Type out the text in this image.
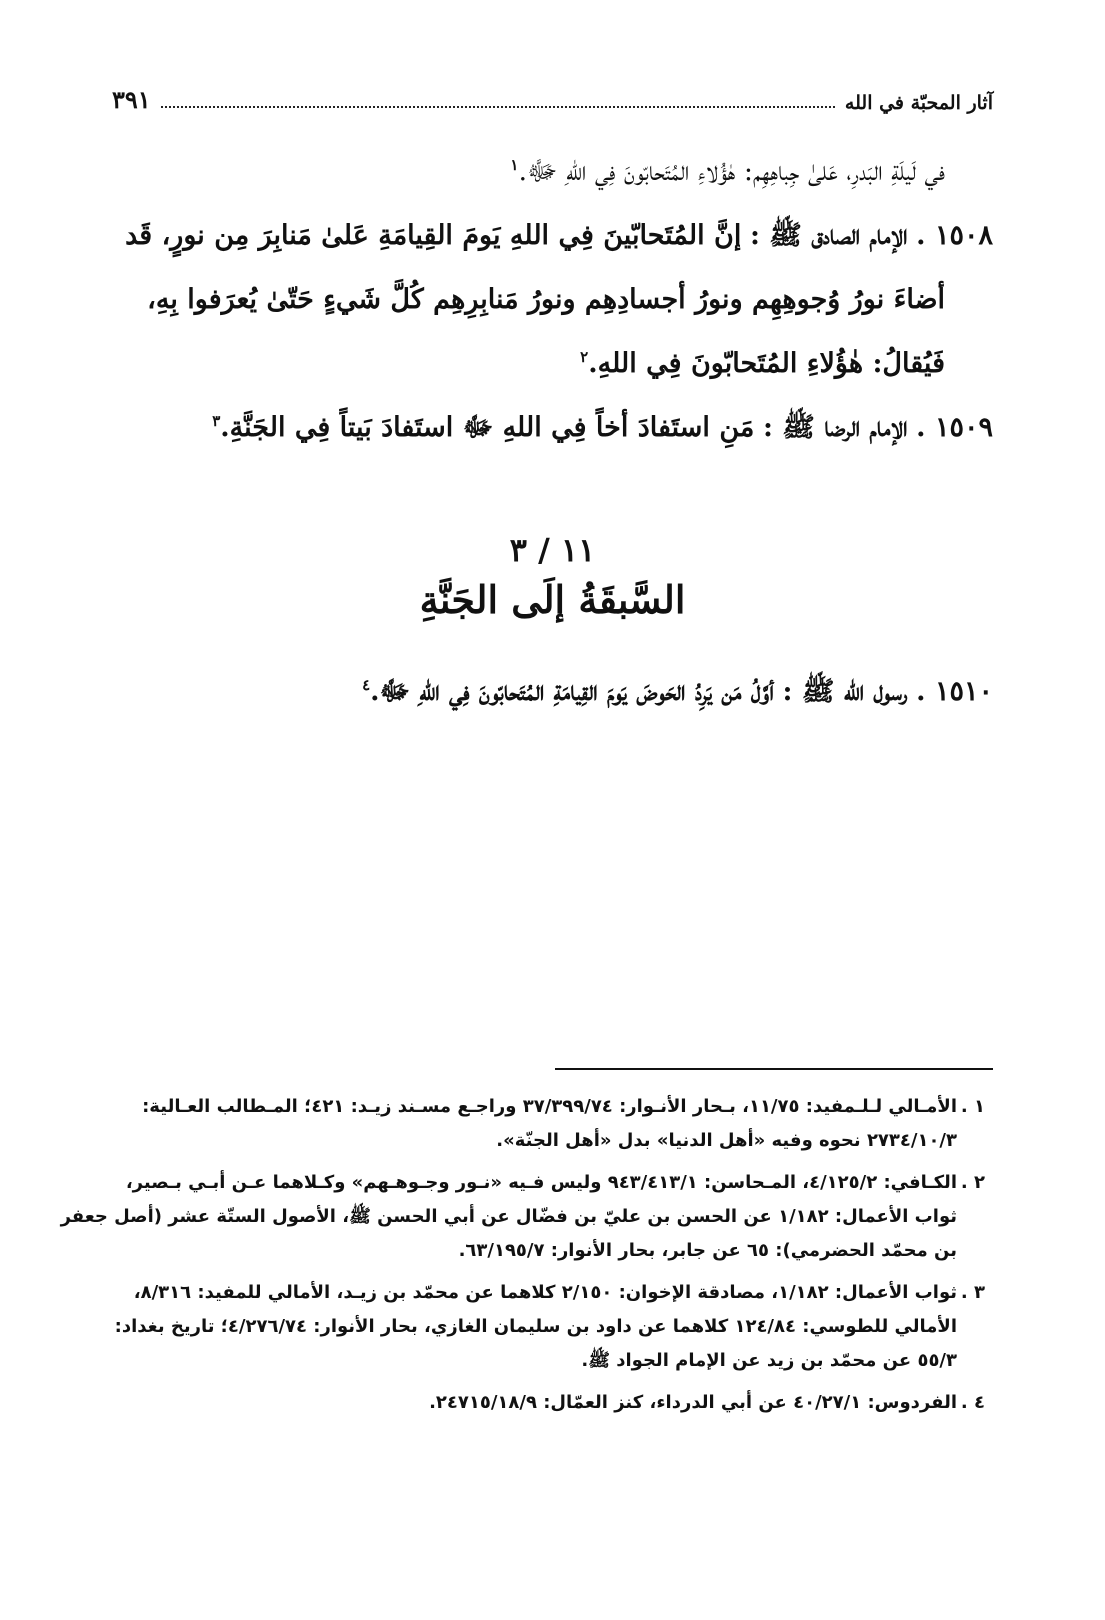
آثار المحبّة في الله
٣٩١
في لَيلَةِ البَدرِ، عَلىٰ جِباهِهِم: هٰؤُلاءِ المُتَحابّونَ فِي اللهِ ﷻ.$^١$
١٥٠٨ . الإمام الصادق ﷺ : إنَّ المُتَحابّينَ فِي اللهِ يَومَ القِيامَةِ عَلىٰ مَنابِرَ مِن نورٍ، قَد
أضاءَ نورُ وُجوهِهِم ونورُ أجسادِهِم ونورُ مَنابِرِهِم كُلَّ شَيءٍ حَتّىٰ يُعرَفوا بِهِ،
فَيُقالُ: هٰؤُلاءِ المُتَحابّونَ فِي اللهِ.$^٢$
١٥٠٩ . الإمام الرضا ﷺ : مَنِ استَفادَ أخاً فِي اللهِ ﷻ استَفادَ بَيتاً فِي الجَنَّةِ.$^٣$
١١ / ٣
السَّبقَةُ إلَى الجَنَّةِ
١٥١٠ . رسول الله ﷺ : أوَّلُ مَن يَرِدُ الحَوضَ يَومَ القِيامَةِ المُتَحابّونَ فِي اللهِ ﷻ.$^٤$
١ .الأمـالي لـلـمفيد: ١١/٧٥، بـحار الأنـوار: ٣٧/٣٩٩/٧٤ وراجـع مسـند زيـد: ٤٢١؛ المـطالب العـالية:
٢٧٣٤/١٠/٣ نحوه وفيه «أهل الدنيا» بدل «أهل الجنّة».
٢ .الكـافي: ٤/١٢٥/٢، المـحاسن: ٩٤٣/٤١٣/١ وليس فـيه «نـور وجـوهـهم» وكـلاهما عـن أبـي بـصير،
ثواب الأعمال: ١/١٨٢ عن الحسن بن عليّ بن فضّال عن أبي الحسن ﷺ، الأصول الستّة عشر (أصل جعفر
بن محمّد الحضرمي): ٦٥ عن جابر، بحار الأنوار: ٦٣/١٩٥/٧.
٣ .ثواب الأعمال: ١/١٨٢، مصادقة الإخوان: ٢/١٥٠ كلاهما عن محمّد بن زيـد، الأمالي للمفيد: ٨/٣١٦،
الأمالي للطوسي: ١٢٤/٨٤ كلاهما عن داود بن سليمان الغازي، بحار الأنوار: ٤/٢٧٦/٧٤؛ تاريخ بغداد:
٥٥/٣ عن محمّد بن زيد عن الإمام الجواد ﷺ.
٤ .الفردوس: ٤٠/٢٧/١ عن أبي الدرداء، كنز العمّال: ٢٤٧١٥/١٨/٩.
